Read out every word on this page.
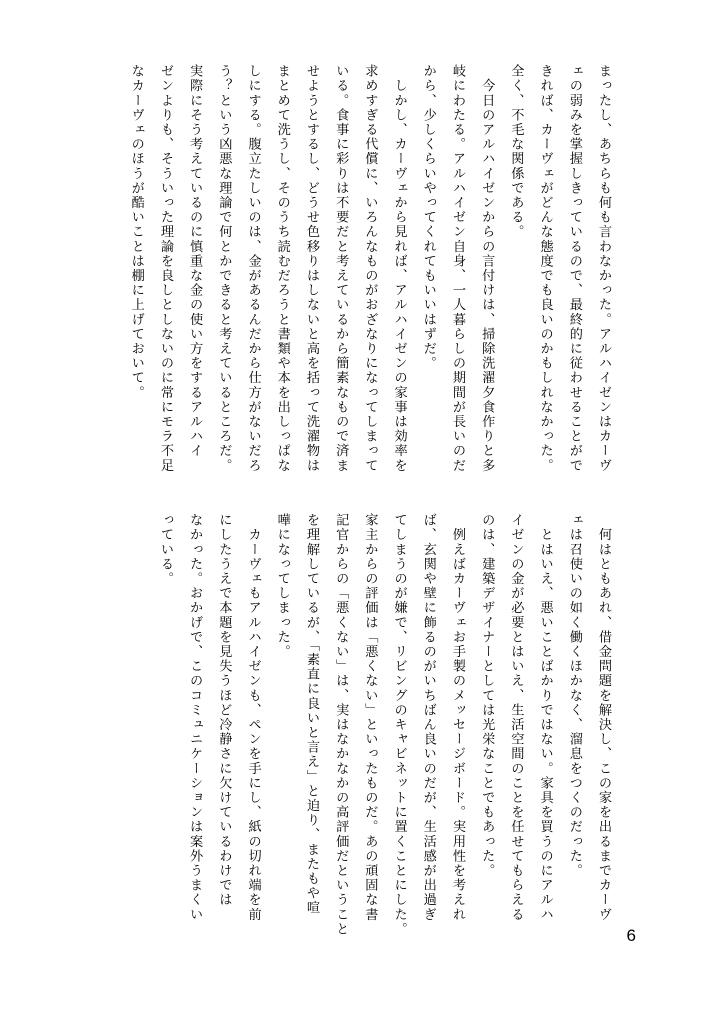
まったし、あちらも何も言わなかった。アルハイゼンはカーヴ
ェの弱みを掌握しきっているので、最終的に従わせることがで
きれば、カーヴェがどんな態度でも良いのかもしれなかった。
全く、不毛な関係である。
　今日のアルハイゼンからの言付けは、掃除洗濯夕食作りと多
岐にわたる。アルハイゼン自身、一人暮らしの期間が長いのだ
から、少しくらいやってくれてもいいはずだ。
　しかし、カーヴェから見れば、アルハイゼンの家事は効率を
求めすぎる代償に、いろんなものがおざなりになってしまって
いる。食事に彩りは不要だと考えているから簡素なもので済ま
せようとするし、どうせ色移りはしないと高を括って洗濯物は
まとめて洗うし、そのうち読むだろうと書類や本を出しっぱな
しにする。腹立たしいのは、金があるんだから仕方がないだろ
う？という凶悪な理論で何とかできると考えているところだ。
実際にそう考えているのに慎重な金の使い方をするアルハイ
ゼンよりも、そういった理論を良しとしないのに常にモラ不足
なカーヴェのほうが酷いことは棚に上げておいて。
　何はともあれ、借金問題を解決し、この家を出るまでカーヴ
ェは召使いの如く働くほかなく、溜息をつくのだった。
　とはいえ、悪いことばかりではない。家具を買うのにアルハ
イゼンの金が必要とはいえ、生活空間のことを任せてもらえる
のは、建築デザイナーとしては光栄なことでもあった。
　例えばカーヴェお手製のメッセージボード。実用性を考えれ
ば、玄関や壁に飾るのがいちばん良いのだが、生活感が出過ぎ
てしまうのが嫌で、リビングのキャビネットに置くことにした。
家主からの評価は「悪くない」といったものだ。あの頑固な書
記官からの「悪くない」は、実はなかなかの高評価だということ
を理解しているが、「素直に良いと言え」と迫り、またもや喧
嘩になってしまった。
　カーヴェもアルハイゼンも、ペンを手にし、紙の切れ端を前
にしたうえで本題を見失うほど冷静さに欠けているわけでは
なかった。おかげで、このコミュニケーションは案外うまくい
っている。
6
